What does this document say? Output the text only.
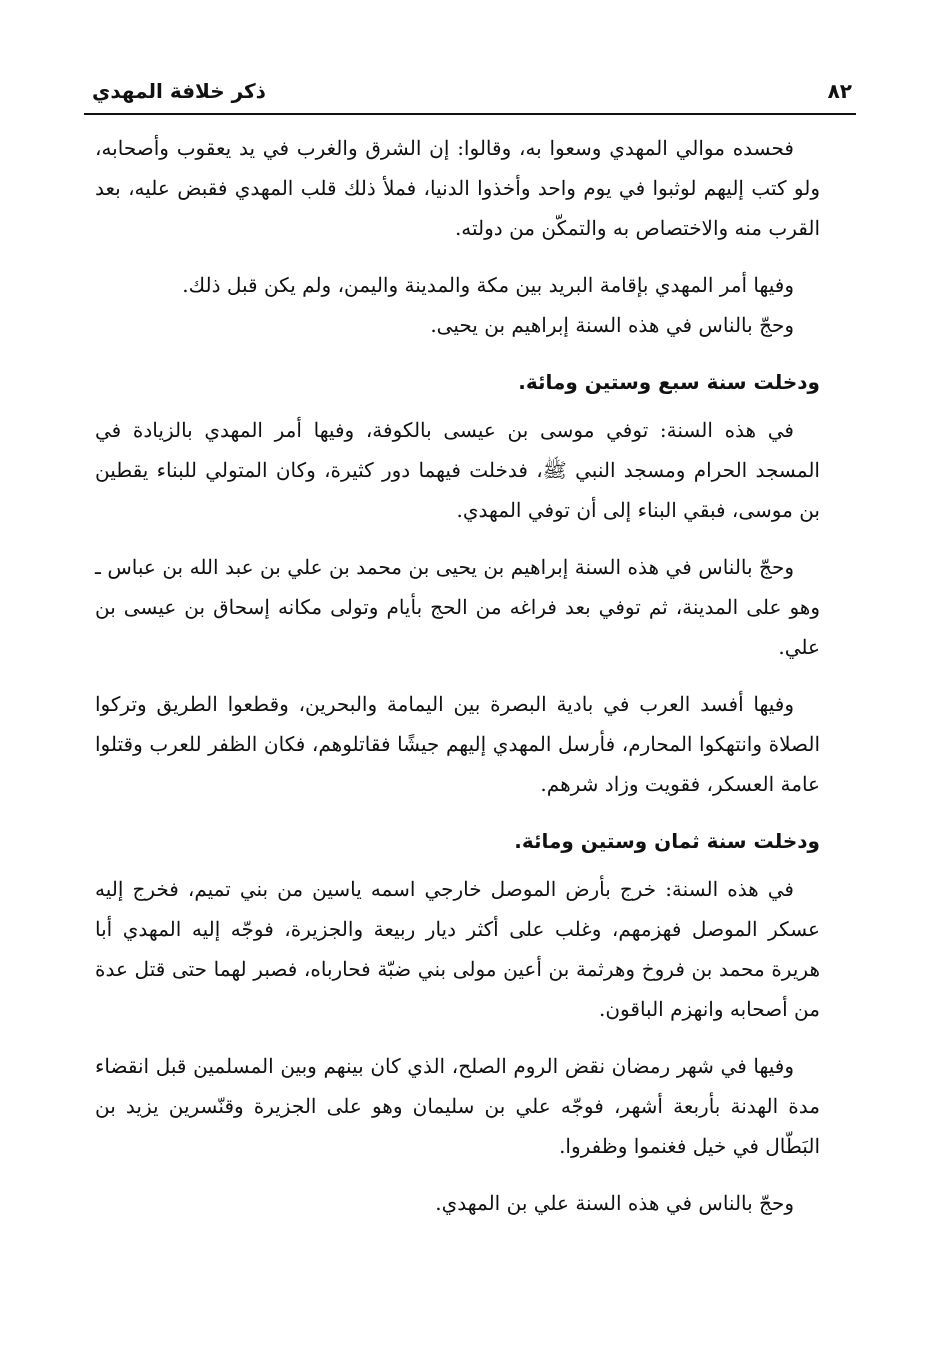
٨٢
ذكر خلافة المهدي

فحسده موالي المهدي وسعوا به، وقالوا: إن الشرق والغرب في يد يعقوب وأصحابه، ولو كتب إليهم لوثبوا في يوم واحد وأخذوا الدنيا، فملأ ذلك قلب المهدي فقبض عليه، بعد القرب منه والاختصاص به والتمكّن من دولته.

وفيها أمر المهدي بإقامة البريد بين مكة والمدينة واليمن، ولم يكن قبل ذلك.

وحجّ بالناس في هذه السنة إبراهيم بن يحيى.

ودخلت سنة سبع وستين ومائة.

في هذه السنة: توفي موسى بن عيسى بالكوفة، وفيها أمر المهدي بالزيادة في المسجد الحرام ومسجد النبي ﷺ، فدخلت فيهما دور كثيرة، وكان المتولي للبناء يقطين بن موسى، فبقي البناء إلى أن توفي المهدي.

وحجّ بالناس في هذه السنة إبراهيم بن يحيى بن محمد بن علي بن عبد الله بن عباس ـ وهو على المدينة، ثم توفي بعد فراغه من الحج بأيام وتولى مكانه إسحاق بن عيسى بن علي.

وفيها أفسد العرب في بادية البصرة بين اليمامة والبحرين، وقطعوا الطريق وتركوا الصلاة وانتهكوا المحارم، فأرسل المهدي إليهم جيشًا فقاتلوهم، فكان الظفر للعرب وقتلوا عامة العسكر، فقويت وزاد شرهم.

ودخلت سنة ثمان وستين ومائة.

في هذه السنة: خرج بأرض الموصل خارجي اسمه ياسين من بني تميم، فخرج إليه عسكر الموصل فهزمهم، وغلب على أكثر ديار ربيعة والجزيرة، فوجّه إليه المهدي أبا هريرة محمد بن فروخ وهرثمة بن أعين مولى بني ضبّة فحارباه، فصبر لهما حتى قتل عدة من أصحابه وانهزم الباقون.

وفيها في شهر رمضان نقض الروم الصلح، الذي كان بينهم وبين المسلمين قبل انقضاء مدة الهدنة بأربعة أشهر، فوجّه علي بن سليمان وهو على الجزيرة وقنّسرين يزيد بن البَطّال في خيل فغنموا وظفروا.

وحجّ بالناس في هذه السنة علي بن المهدي.
